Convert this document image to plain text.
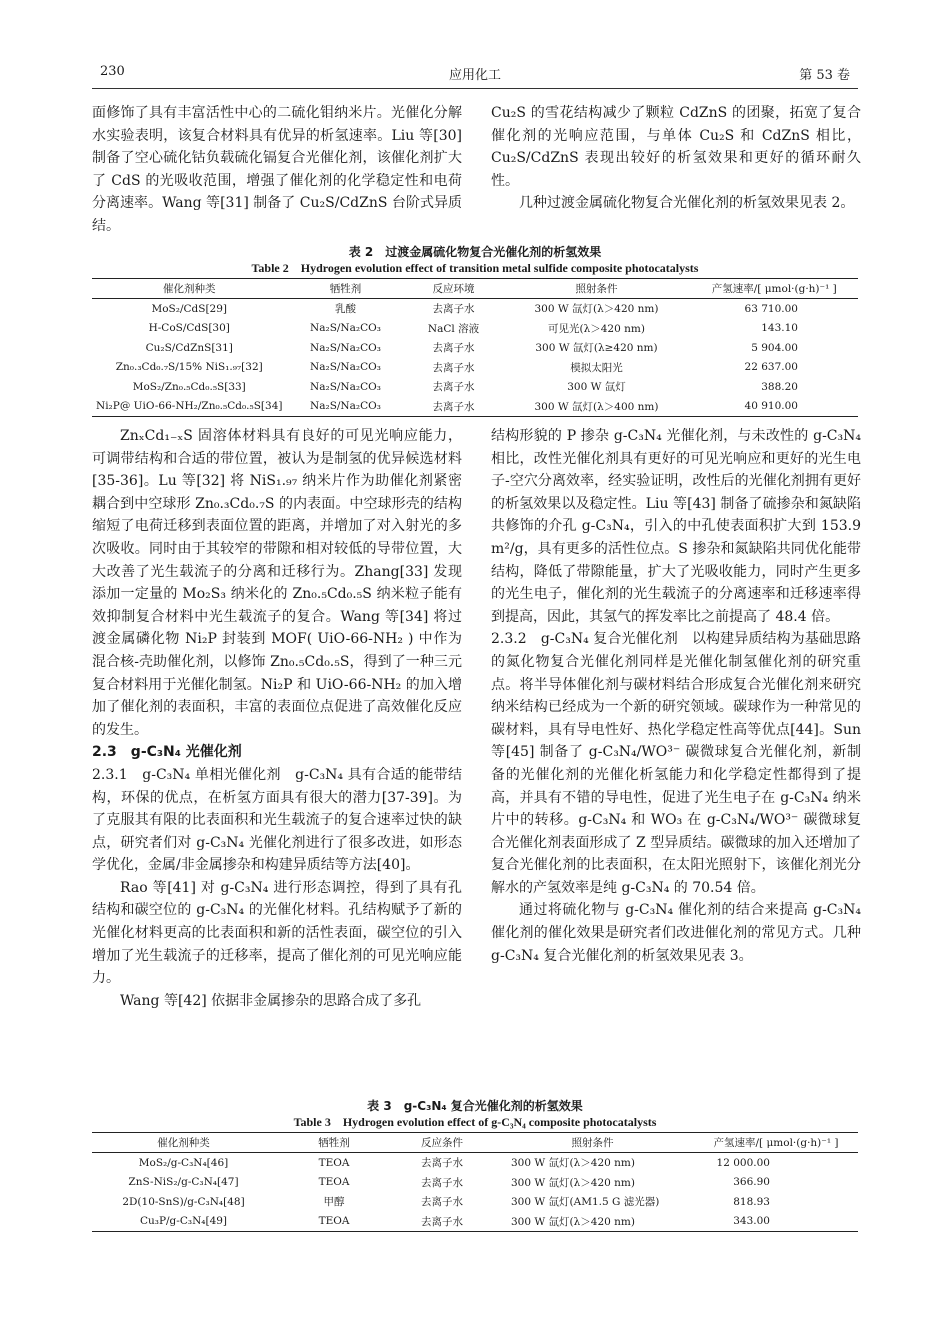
230	应用化工	第 53 卷

面修饰了具有丰富活性中心的二硫化钼纳米片。光催化分解水实验表明，该复合材料具有优异的析氢速率。Liu 等[30] 制备了空心硫化钴负载硫化镉复合光催化剂，该催化剂扩大了 CdS 的光吸收范围，增强了催化剂的化学稳定性和电荷分离速率。Wang 等[31] 制备了 Cu₂S/CdZnS 台阶式异质结。

Cu₂S 的雪花结构减少了颗粒 CdZnS 的团聚，拓宽了复合催化剂的光响应范围，与单体 Cu₂S 和 CdZnS 相比，Cu₂S/CdZnS 表现出较好的析氢效果和更好的循环耐久性。

几种过渡金属硫化物复合光催化剂的析氢效果见表 2。

表 2　过渡金属硫化物复合光催化剂的析氢效果
Table 2　Hydrogen evolution effect of transition metal sulfide composite photocatalysts
催化剂种类	牺牲剂	反应环境	照射条件	产氢速率/[ μmol·(g·h)⁻¹ ]
MoS₂/CdS[29]	乳酸	去离子水	300 W 氙灯(λ＞420 nm)	63 710.00
H-CoS/CdS[30]	Na₂S/Na₂CO₃	NaCl 溶液	可见光(λ＞420 nm)	143.10
Cu₂S/CdZnS[31]	Na₂S/Na₂CO₃	去离子水	300 W 氙灯(λ≥420 nm)	5 904.00
Zn₀.₃Cd₀.₇S/15% NiS₁.₉₇[32]	Na₂S/Na₂CO₃	去离子水	模拟太阳光	22 637.00
MoS₂/Zn₀.₅Cd₀.₅S[33]	Na₂S/Na₂CO₃	去离子水	300 W 氙灯	388.20
Ni₂P@ UiO-66-NH₂/Zn₀.₅Cd₀.₅S[34]	Na₂S/Na₂CO₃	去离子水	300 W 氙灯(λ＞400 nm)	40 910.00

ZnₓCd₁₋ₓS 固溶体材料具有良好的可见光响应能力，可调带结构和合适的带位置，被认为是制氢的优异候选材料[35-36]。Lu 等[32] 将 NiS₁.₉₇ 纳米片作为助催化剂紧密耦合到中空球形 Zn₀.₃Cd₀.₇S 的内表面。中空球形壳的结构缩短了电荷迁移到表面位置的距离，并增加了对入射光的多次吸收。同时由于其较窄的带隙和相对较低的导带位置，大大改善了光生载流子的分离和迁移行为。Zhang[33] 发现添加一定量的 Mo₂S₃ 纳米化的 Zn₀.₅Cd₀.₅S 纳米粒子能有效抑制复合材料中光生载流子的复合。Wang 等[34] 将过渡金属磷化物 Ni₂P 封装到 MOF( UiO-66-NH₂ ) 中作为混合核-壳助催化剂，以修饰 Zn₀.₅Cd₀.₅S，得到了一种三元复合材料用于光催化制氢。Ni₂P 和 UiO-66-NH₂ 的加入增加了催化剂的表面积，丰富的表面位点促进了高效催化反应的发生。

2.3　g-C₃N₄ 光催化剂

2.3.1　g-C₃N₄ 单相光催化剂　 g-C₃N₄ 具有合适的能带结构，环保的优点，在析氢方面具有很大的潜力[37-39]。为了克服其有限的比表面积和光生载流子的复合速率过快的缺点，研究者们对 g-C₃N₄ 光催化剂进行了很多改进，如形态学优化，金属/非金属掺杂和构建异质结等方法[40]。

Rao 等[41] 对 g-C₃N₄ 进行形态调控，得到了具有孔结构和碳空位的 g-C₃N₄ 的光催化材料。孔结构赋予了新的光催化材料更高的比表面积和新的活性表面，碳空位的引入增加了光生载流子的迁移率，提高了催化剂的可见光响应能力。

Wang 等[42] 依据非金属掺杂的思路合成了多孔

结构形貌的 P 掺杂 g-C₃N₄ 光催化剂，与未改性的 g-C₃N₄ 相比，改性光催化剂具有更好的可见光响应和更好的光生电子-空穴分离效率，经实验证明，改性后的光催化剂拥有更好的析氢效果以及稳定性。Liu 等[43] 制备了硫掺杂和氮缺陷共修饰的介孔 g-C₃N₄，引入的中孔使表面积扩大到 153.9 m²/g，具有更多的活性位点。S 掺杂和氮缺陷共同优化能带结构，降低了带隙能量，扩大了光吸收能力，同时产生更多的光生电子，催化剂的光生载流子的分离速率和迁移速率得到提高，因此，其氢气的挥发率比之前提高了 48.4 倍。

2.3.2　g-C₃N₄ 复合光催化剂　 以构建异质结构为基础思路的氮化物复合光催化剂同样是光催化制氢催化剂的研究重点。将半导体催化剂与碳材料结合形成复合光催化剂来研究纳米结构已经成为一个新的研究领域。碳球作为一种常见的碳材料，具有导电性好、热化学稳定性高等优点[44]。Sun 等[45] 制备了 g-C₃N₄/WO³⁻ 碳微球复合光催化剂，新制备的光催化剂的光催化析氢能力和化学稳定性都得到了提高，并具有不错的导电性，促进了光生电子在 g-C₃N₄ 纳米片中的转移。g-C₃N₄ 和 WO₃ 在 g-C₃N₄/WO³⁻ 碳微球复合光催化剂表面形成了 Z 型异质结。碳微球的加入还增加了复合光催化剂的比表面积，在太阳光照射下，该催化剂光分解水的产氢效率是纯 g-C₃N₄ 的 70.54 倍。

通过将硫化物与 g-C₃N₄ 催化剂的结合来提高 g-C₃N₄ 催化剂的催化效果是研究者们改进催化剂的常见方式。几种 g-C₃N₄ 复合光催化剂的析氢效果见表 3。

表 3　g-C₃N₄ 复合光催化剂的析氢效果
Table 3　Hydrogen evolution effect of g-C₃N₄ composite photocatalysts
催化剂种类	牺牲剂	反应条件	照射条件	产氢速率/[ μmol·(g·h)⁻¹ ]
MoS₂/g-C₃N₄[46]	TEOA	去离子水	300 W 氙灯(λ＞420 nm)	12 000.00
ZnS-NiS₂/g-C₃N₄[47]	TEOA	去离子水	300 W 氙灯(λ＞420 nm)	366.90
2D(10-SnS)/g-C₃N₄[48]	甲醇	去离子水	300 W 氙灯(AM1.5 G 滤光器)	818.93
Cu₃P/g-C₃N₄[49]	TEOA	去离子水	300 W 氙灯(λ＞420 nm)	343.00
